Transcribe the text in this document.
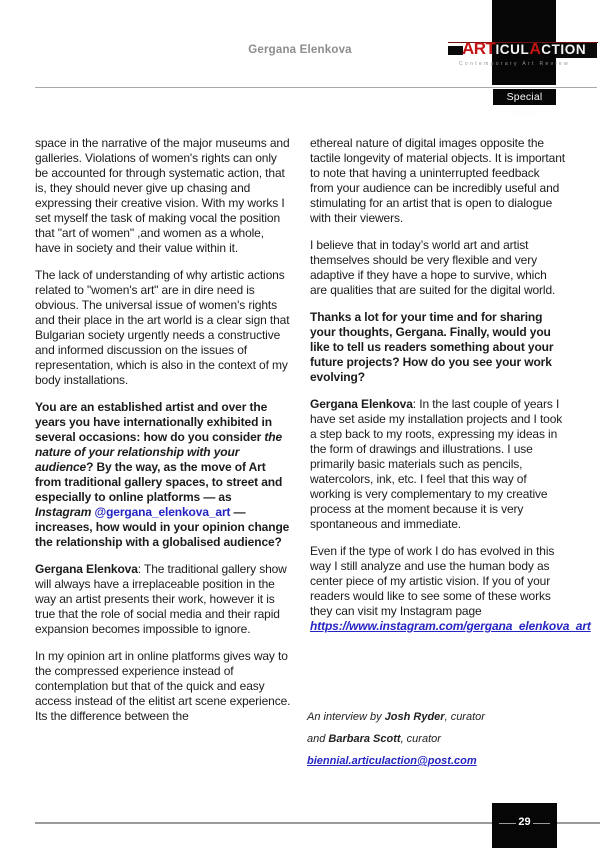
Gergana Elenkova	ART ICUL A CTION
Contemporary Art Review
Special Issue

space in the narrative of the major museums and galleries. Violations of women's rights can only be accounted for through systematic action, that is, they should never give up chasing and expressing their creative vision. With my works I set myself the task of making vocal the position that "art of women" ,and women as a whole, have in society and their value within it.

The lack of understanding of why artistic actions related to "women's art" are in dire need is obvious. The universal issue of women's rights and their place in the art world is a clear sign that Bulgarian society urgently needs a constructive and informed discussion on the issues of representation, which is also in the context of my body installations.

You are an established artist and over the years you have internationally exhibited in several occasions: how do you consider the nature of your relationship with your audience? By the way, as the move of Art from traditional gallery spaces, to street and especially to online platforms — as Instagram @gergana_elenkova_art — increases, how would in your opinion change the relationship with a globalised audience?

Gergana Elenkova: The traditional gallery show will always have a irreplaceable position in the way an artist presents their work, however it is true that the role of social media and their rapid expansion becomes impossible to ignore.

In my opinion art in online platforms gives way to the compressed experience instead of contemplation but that of the quick and easy access instead of the elitist art scene experience. Its the difference between the

ethereal nature of digital images opposite the tactile longevity of material objects. It is important to note that having a uninterrupted feedback from your audience can be incredibly useful and stimulating for an artist that is open to dialogue with their viewers.

I believe that in today’s world art and artist themselves should be very flexible and very adaptive if they have a hope to survive, which are qualities that are suited for the digital world.

Thanks a lot for your time and for sharing your thoughts, Gergana. Finally, would you like to tell us readers something about your future projects? How do you see your work evolving?

Gergana Elenkova: In the last couple of years I have set aside my installation projects and I took a step back to my roots, expressing my ideas in the form of drawings and illustrations. I use primarily basic materials such as pencils, watercolors, ink, etc. I feel that this way of working is very complementary to my creative process at the moment because it is very spontaneous and immediate.

Even if the type of work I do has evolved in this way I still analyze and use the human body as center piece of my artistic vision. If you of your readers would like to see some of these works they can visit my Instagram page https://www.instagram.com/gergana_elenkova_art

An interview by Josh Ryder, curator

and Barbara Scott, curator

biennial.articulaction@post.com

29
